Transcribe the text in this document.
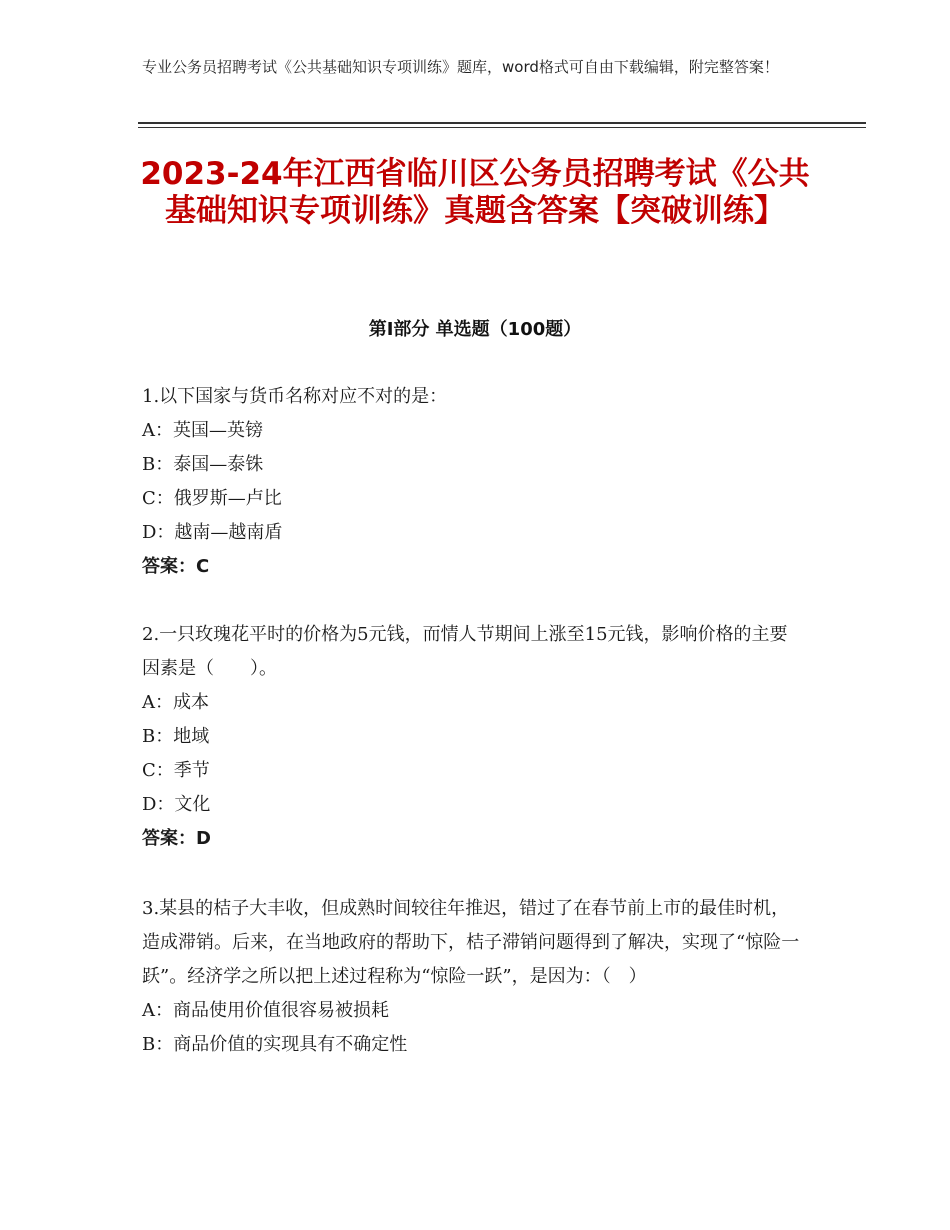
专业公务员招聘考试《公共基础知识专项训练》题库，word格式可自由下载编辑，附完整答案！
2023-24年江西省临川区公务员招聘考试《公共基础知识专项训练》真题含答案【突破训练】
第Ⅰ部分 单选题（100题）

1.以下国家与货币名称对应不对的是：

A：英国—英镑

B：泰国—泰铢

C：俄罗斯—卢比

D：越南—越南盾

答案：C

2.一只玫瑰花平时的价格为5元钱，而情人节期间上涨至15元钱，影响价格的主要因素是（　　）。

A：成本

B：地域

C：季节

D：文化

答案：D

3.某县的桔子大丰收，但成熟时间较往年推迟，错过了在春节前上市的最佳时机，造成滞销。后来，在当地政府的帮助下，桔子滞销问题得到了解决，实现了“惊险一跃”。经济学之所以把上述过程称为“惊险一跃”，是因为：（　）

A：商品使用价值很容易被损耗

B：商品价值的实现具有不确定性
